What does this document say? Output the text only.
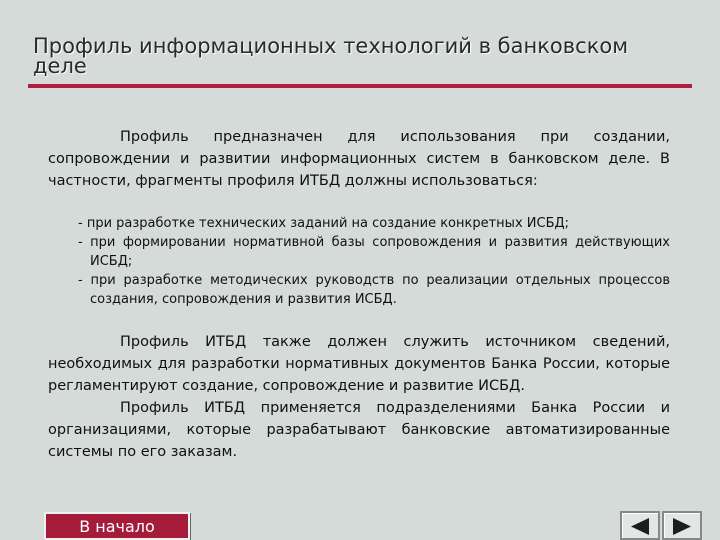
Профиль информационных технологий в банковском деле

Профиль предназначен для использования при создании, сопровождении и развитии информационных систем в банковском деле. В частности, фрагменты профиля ИТБД должны использоваться:

- при разработке технических заданий на создание конкретных ИСБД;

- при формировании нормативной базы сопровождения и развития действующих ИСБД;

- при разработке методических руководств по реализации отдельных процессов создания, сопровождения и развития ИСБД.

Профиль ИТБД также должен служить источником сведений, необходимых для разработки нормативных документов Банка России, которые регламентируют создание, сопровождение и развитие ИСБД.

Профиль ИТБД применяется подразделениями Банка России и организациями, которые разрабатывают банковские автоматизированные системы по его заказам.

В начало
